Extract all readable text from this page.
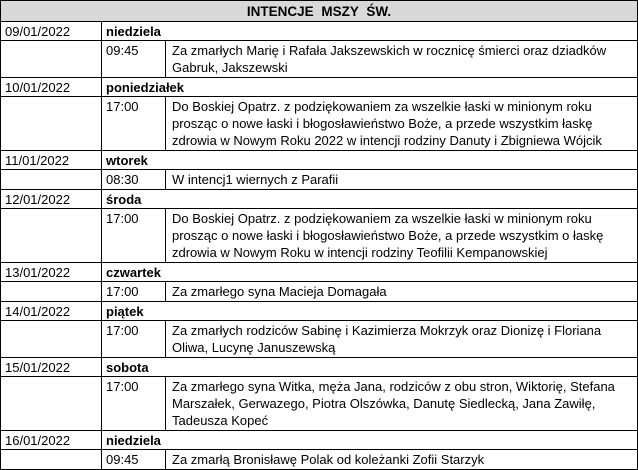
INTENCJE MSZY ŚW.		
09/01/2022	niedziela	
	09:45	Za zmarłych Marię i Rafała Jakszewskich w rocznicę śmierci oraz dziadków Gabruk, Jakszewski
10/01/2022	poniedziałek	
	17:00	Do Boskiej Opatrz. z podziękowaniem za wszelkie łaski w minionym roku prosząc o nowe łaski i błogosławieństwo Boże, a przede wszystkim łaskę zdrowia w Nowym Roku 2022 w intencji rodziny Danuty i Zbigniewa Wójcik
11/01/2022	wtorek	
	08:30	W intencj1 wiernych z Parafii
12/01/2022	środa	
	17:00	Do Boskiej Opatrz. z podziękowaniem za wszelkie łaski w minionym roku prosząc o nowe łaski i błogosławieństwo Boże, a przede wszystkim o łaskę zdrowia w Nowym Roku w intencji rodziny Teofilii Kempanowskiej
13/01/2022	czwartek	
	17:00	Za zmarłego syna Macieja Domagała
14/01/2022	piątek	
	17:00	Za zmarłych rodziców Sabinę i Kazimierza Mokrzyk oraz Dionizę i Floriana Oliwa, Lucynę Januszewską
15/01/2022	sobota	
	17:00	Za zmarłego syna Witka, męża Jana, rodziców z obu stron, Wiktorię, Stefana Marszałek, Gerwazego, Piotra Olszówka, Danutę Siedlecką, Jana Zawiłę, Tadeusza Kopeć
16/01/2022	niedziela	
	09:45	Za zmarłą Bronisławę Polak od koleżanki Zofii Starzyk
